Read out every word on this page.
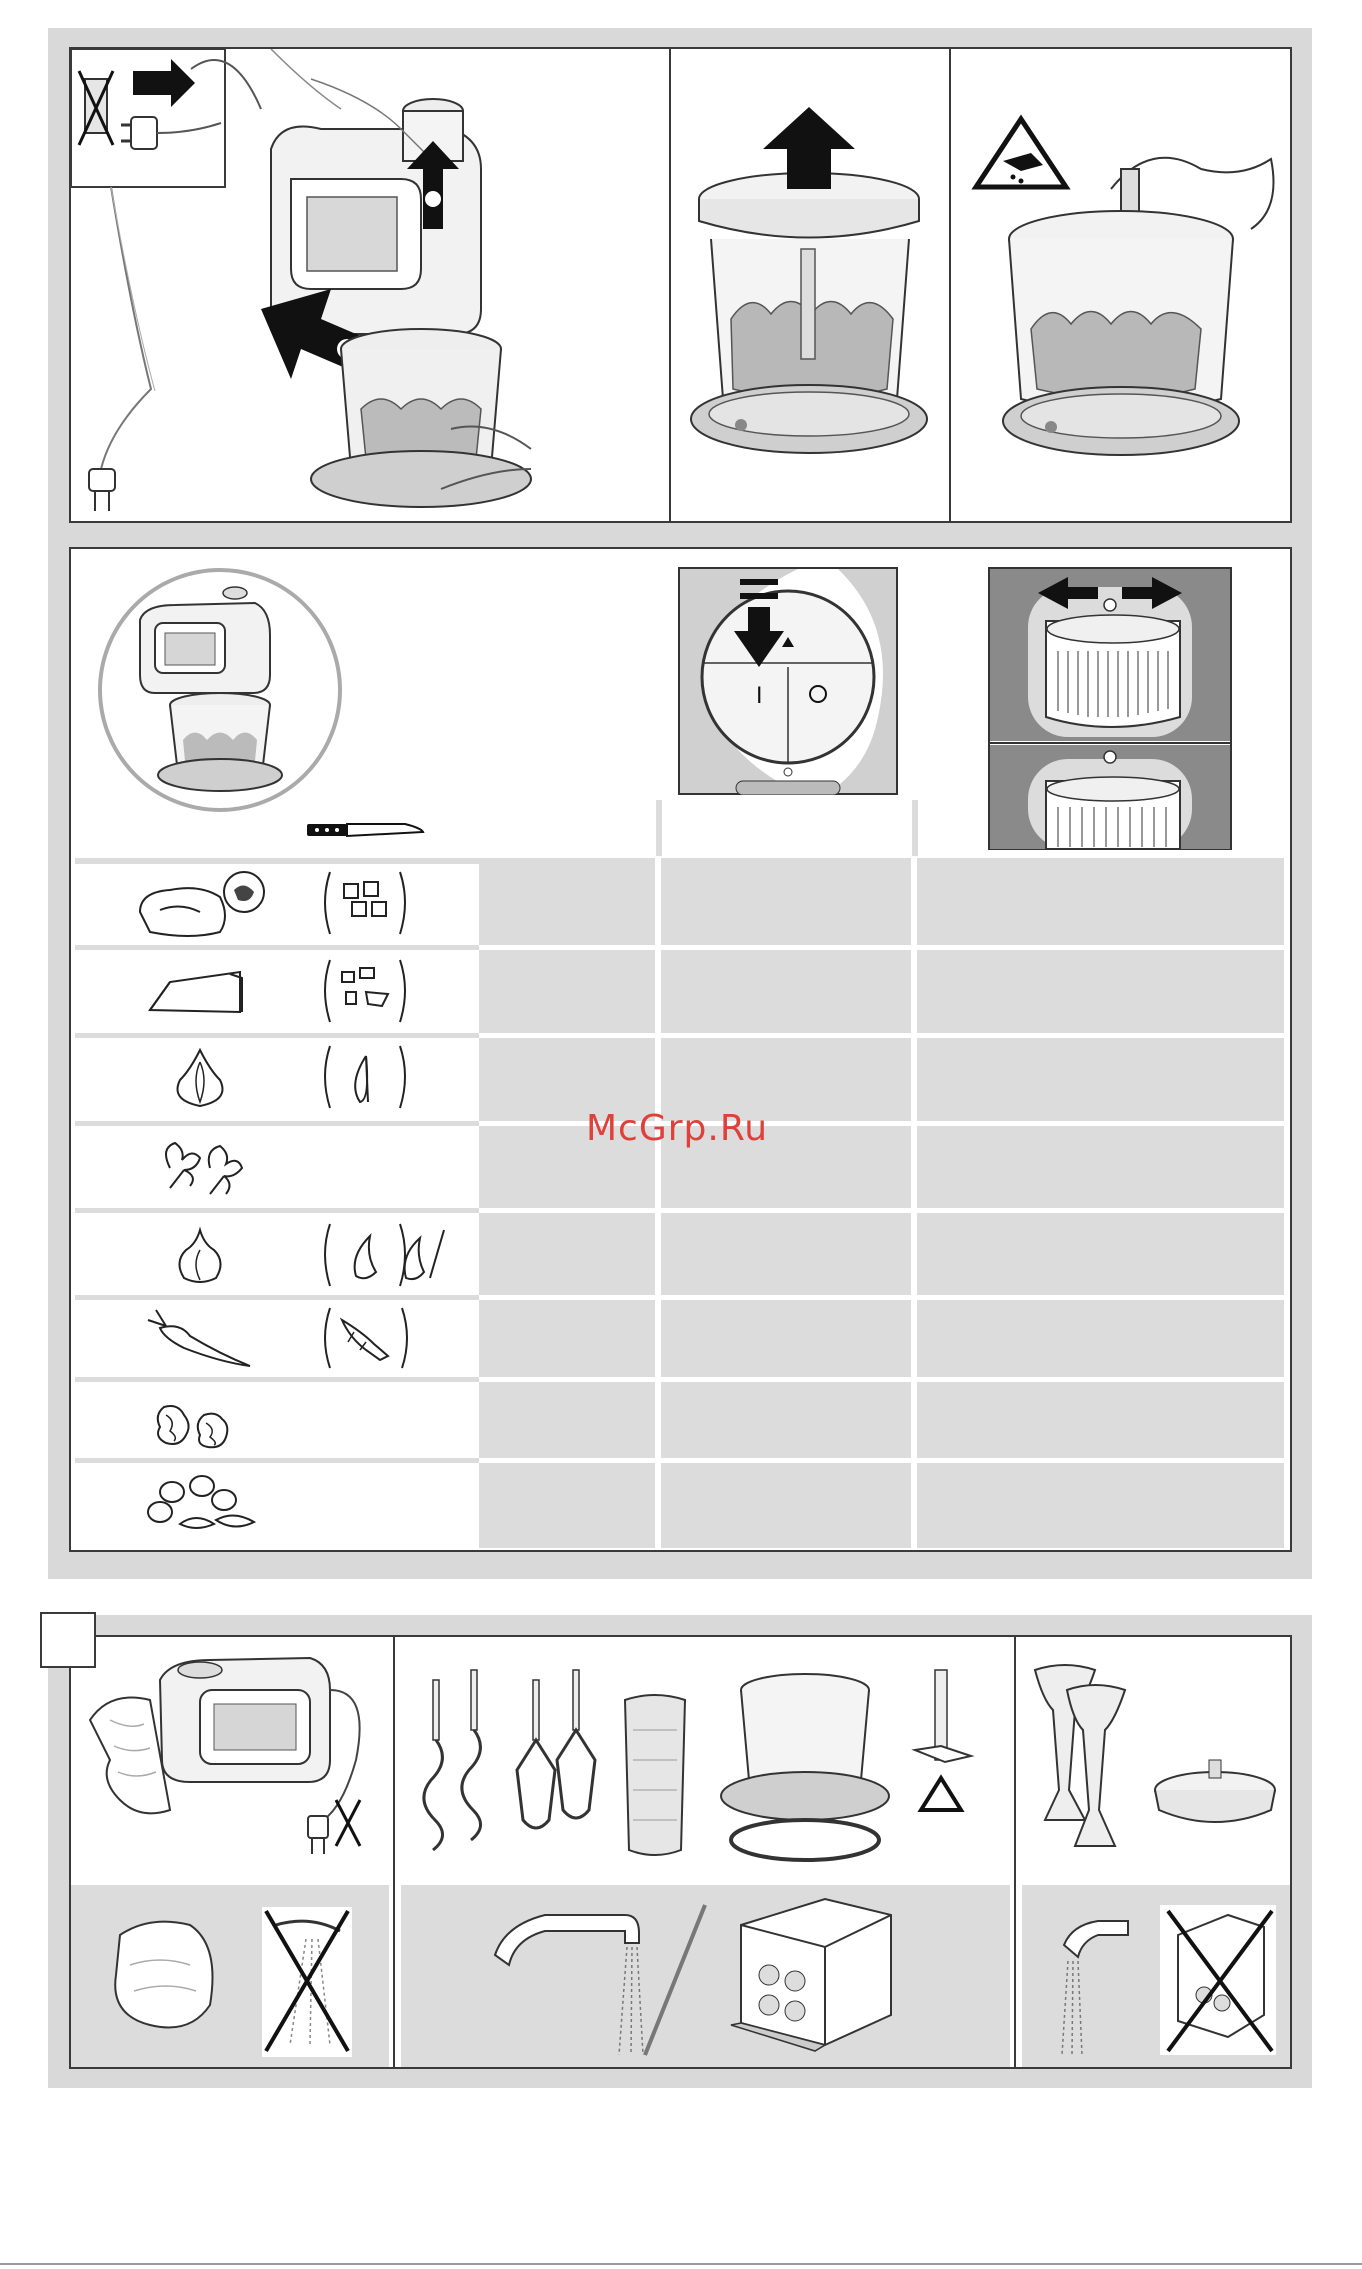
I
McGrp.Ru
